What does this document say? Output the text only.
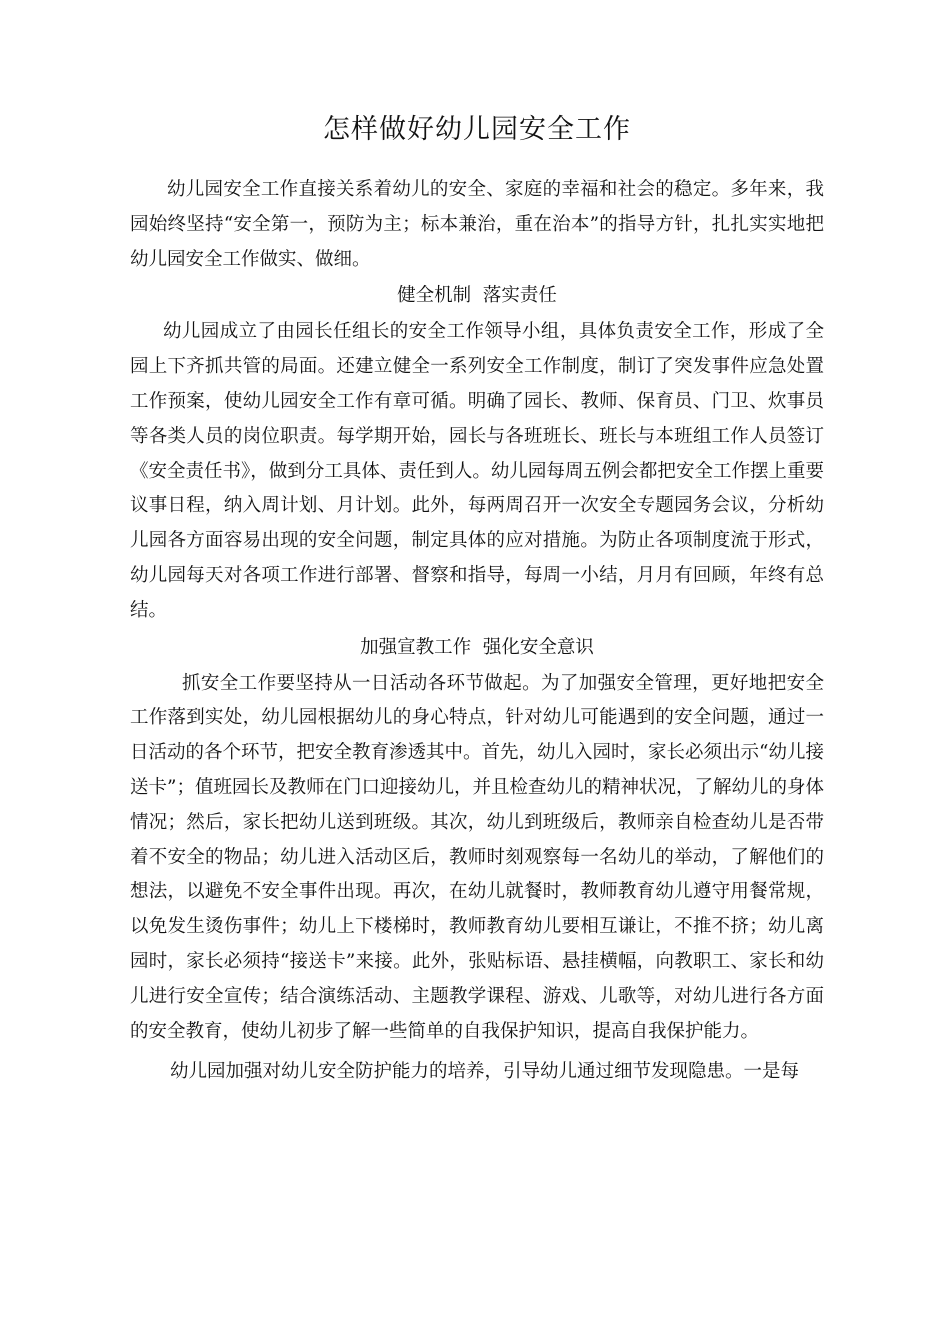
怎样做好幼儿园安全工作

幼儿园安全工作直接关系着幼儿的安全、家庭的幸福和社会的稳定。多年来，我园始终坚持“安全第一，预防为主；标本兼治，重在治本”的指导方针，扎扎实实地把幼儿园安全工作做实、做细。

健全机制  落实责任

幼儿园成立了由园长任组长的安全工作领导小组，具体负责安全工作，形成了全园上下齐抓共管的局面。还建立健全一系列安全工作制度，制订了突发事件应急处置工作预案，使幼儿园安全工作有章可循。明确了园长、教师、保育员、门卫、炊事员等各类人员的岗位职责。每学期开始，园长与各班班长、班长与本班组工作人员签订《安全责任书》，做到分工具体、责任到人。幼儿园每周五例会都把安全工作摆上重要议事日程，纳入周计划、月计划。此外，每两周召开一次安全专题园务会议，分析幼儿园各方面容易出现的安全问题，制定具体的应对措施。为防止各项制度流于形式，幼儿园每天对各项工作进行部署、督察和指导，每周一小结，月月有回顾，年终有总结。

加强宣教工作  强化安全意识

抓安全工作要坚持从一日活动各环节做起。为了加强安全管理，更好地把安全工作落到实处，幼儿园根据幼儿的身心特点，针对幼儿可能遇到的安全问题，通过一日活动的各个环节，把安全教育渗透其中。首先，幼儿入园时，家长必须出示“幼儿接送卡”；值班园长及教师在门口迎接幼儿，并且检查幼儿的精神状况，了解幼儿的身体情况；然后，家长把幼儿送到班级。其次，幼儿到班级后，教师亲自检查幼儿是否带着不安全的物品；幼儿进入活动区后，教师时刻观察每一名幼儿的举动，了解他们的想法，以避免不安全事件出现。再次，在幼儿就餐时，教师教育幼儿遵守用餐常规，以免发生烫伤事件；幼儿上下楼梯时，教师教育幼儿要相互谦让，不推不挤；幼儿离园时，家长必须持“接送卡”来接。此外，张贴标语、悬挂横幅，向教职工、家长和幼儿进行安全宣传；结合演练活动、主题教学课程、游戏、儿歌等，对幼儿进行各方面的安全教育，使幼儿初步了解一些简单的自我保护知识，提高自我保护能力。

幼儿园加强对幼儿安全防护能力的培养，引导幼儿通过细节发现隐患。一是每
